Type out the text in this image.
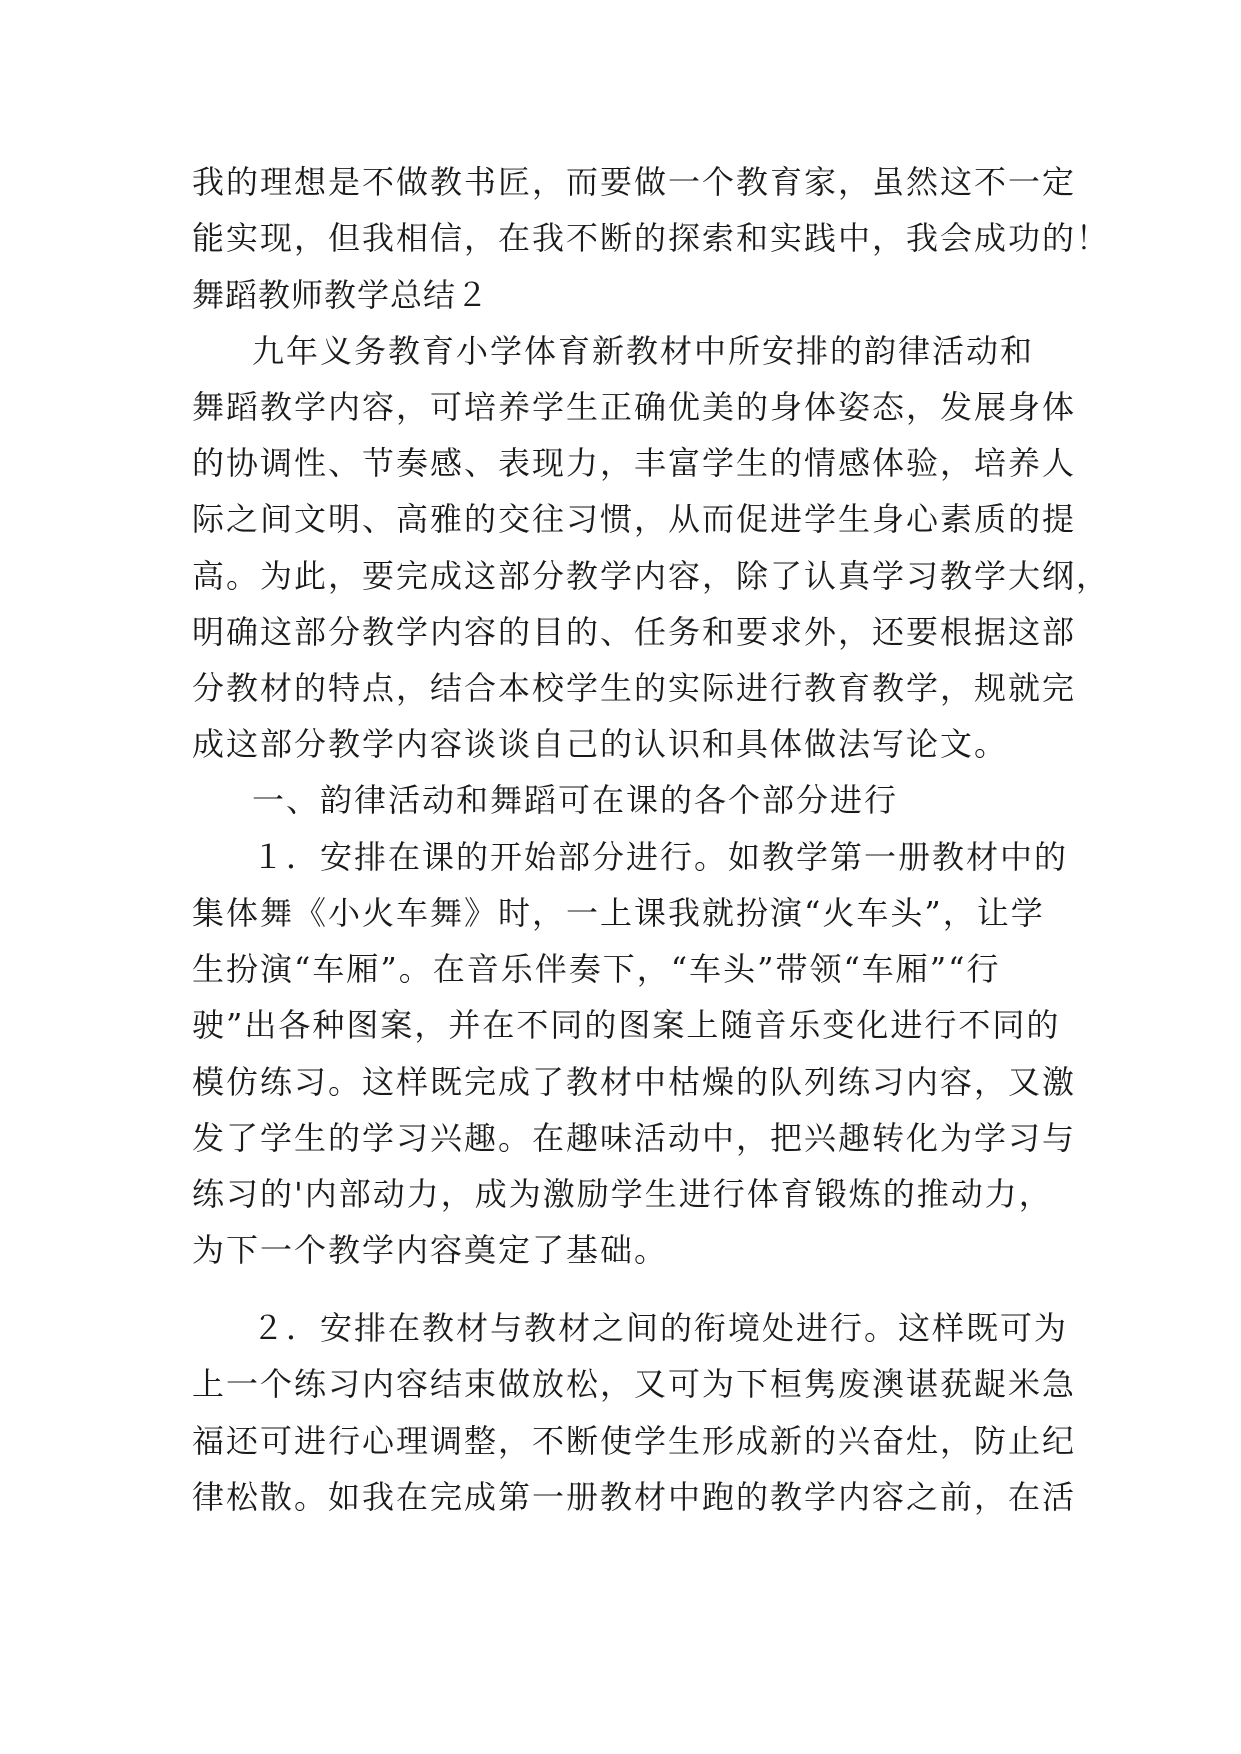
我的理想是不做教书匠，而要做一个教育家，虽然这不一定
能实现，但我相信，在我不断的探索和实践中，我会成功的！
舞蹈教师教学总结２
九年义务教育小学体育新教材中所安排的韵律活动和
舞蹈教学内容，可培养学生正确优美的身体姿态，发展身体
的协调性、节奏感、表现力，丰富学生的情感体验，培养人
际之间文明、高雅的交往习惯，从而促进学生身心素质的提
高。为此，要完成这部分教学内容，除了认真学习教学大纲，
明确这部分教学内容的目的、任务和要求外，还要根据这部
分教材的特点，结合本校学生的实际进行教育教学，规就完
成这部分教学内容谈谈自己的认识和具体做法写论文。
一、韵律活动和舞蹈可在课的各个部分进行
１．安排在课的开始部分进行。如教学第一册教材中的
集体舞《小火车舞》时，一上课我就扮演“火车头”，让学
生扮演“车厢”。在音乐伴奏下，“车头”带领“车厢”“行
驶”出各种图案，并在不同的图案上随音乐变化进行不同的
模仿练习。这样既完成了教材中枯燥的队列练习内容，又激
发了学生的学习兴趣。在趣味活动中，把兴趣转化为学习与
练习的'内部动力，成为激励学生进行体育锻炼的推动力，
为下一个教学内容奠定了基础。
２．安排在教材与教材之间的衔境处进行。这样既可为
上一个练习内容结束做放松，又可为下桓隽废澳谌莸龊米急
福还可进行心理调整，不断使学生形成新的兴奋灶，防止纪
律松散。如我在完成第一册教材中跑的教学内容之前，在活
